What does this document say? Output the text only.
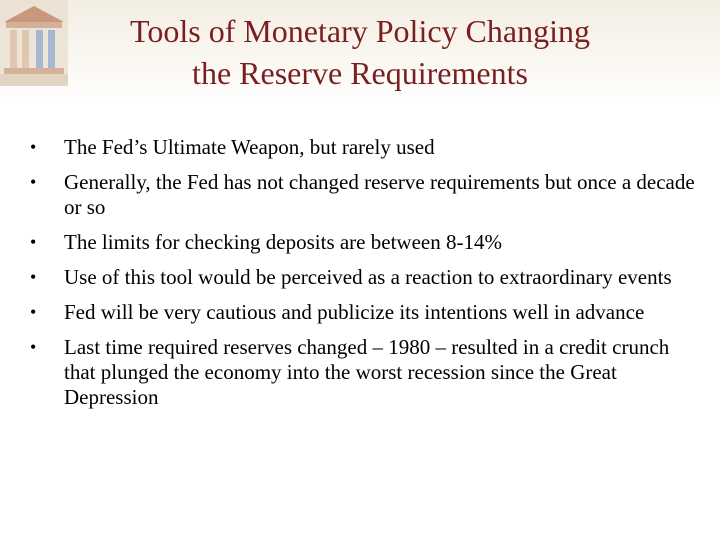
Tools of Monetary Policy Changing
the Reserve Requirements
• The Fed’s Ultimate Weapon, but rarely used
• Generally, the Fed has not changed reserve requirements but once a decade or so
• The limits for checking deposits are between 8-14%
• Use of this tool would be perceived as a reaction to extraordinary events
• Fed will be very cautious and publicize its intentions well in advance
• Last time required reserves changed – 1980 – resulted in a credit crunch that plunged the economy into the worst recession since the Great Depression
